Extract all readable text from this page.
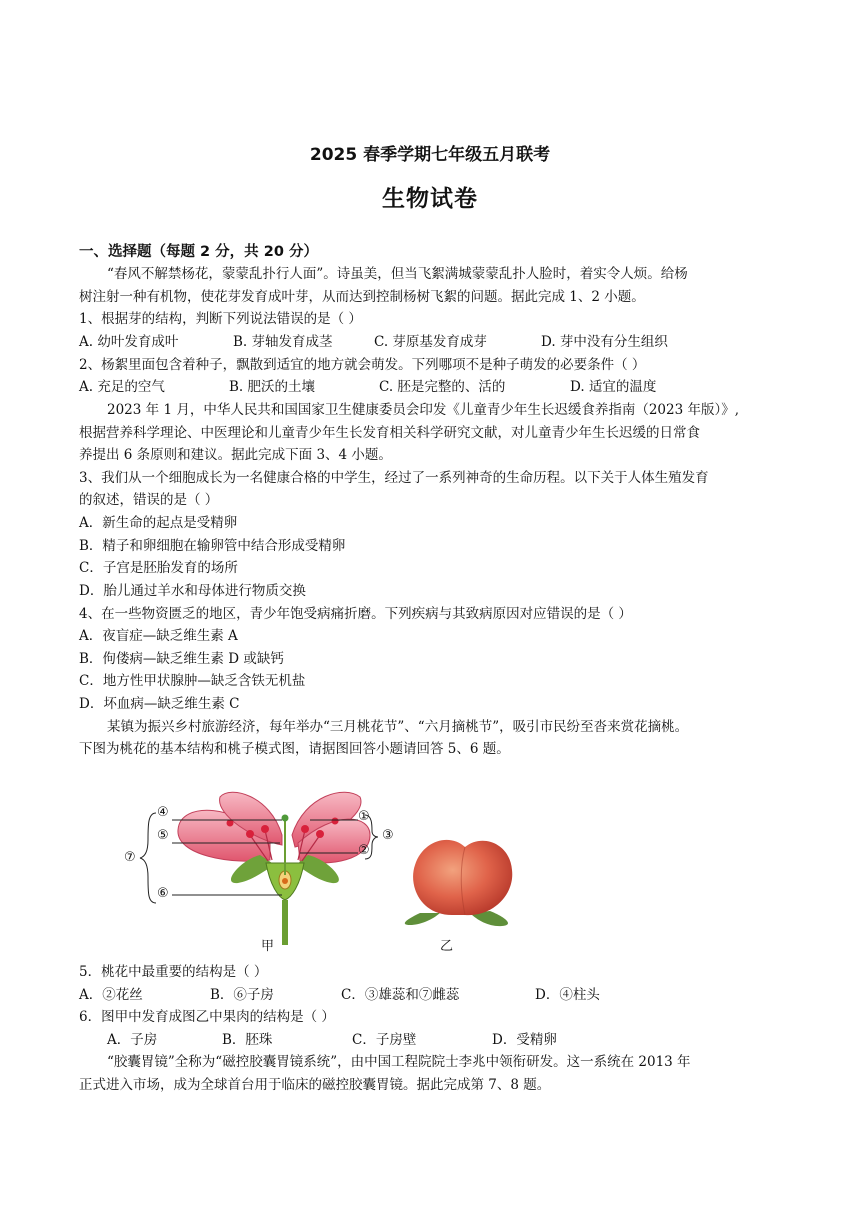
2025 春季学期七年级五月联考
生物试卷
一、选择题（每题 2 分，共 20 分）
“春风不解禁杨花，蒙蒙乱扑行人面”。诗虽美，但当飞絮满城蒙蒙乱扑人脸时，着实令人烦。给杨
树注射一种有机物，使花芽发育成叶芽，从而达到控制杨树飞絮的问题。据此完成 1、2 小题。
1、根据芽的结构，判断下列说法错误的是（ ）
A. 幼叶发育成叶	B. 芽轴发育成茎	C. 芽原基发育成芽	D. 芽中没有分生组织
2、杨絮里面包含着种子，飘散到适宜的地方就会萌发。下列哪项不是种子萌发的必要条件（ ）
A. 充足的空气	B. 肥沃的土壤	C. 胚是完整的、活的	D. 适宜的温度
2023 年 1 月，中华人民共和国国家卫生健康委员会印发《儿童青少年生长迟缓食养指南（2023 年版）》,
根据营养科学理论、中医理论和儿童青少年生长发育相关科学研究文献，对儿童青少年生长迟缓的日常食
养提出 6 条原则和建议。据此完成下面 3、4 小题。
3、我们从一个细胞成长为一名健康合格的中学生，经过了一系列神奇的生命历程。以下关于人体生殖发育
的叙述，错误的是（ ）
A．新生命的起点是受精卵
B．精子和卵细胞在输卵管中结合形成受精卵
C．子宫是胚胎发育的场所
D．胎儿通过羊水和母体进行物质交换
4、在一些物资匮乏的地区，青少年饱受病痛折磨。下列疾病与其致病原因对应错误的是（ ）
A．夜盲症—缺乏维生素 A
B．佝偻病—缺乏维生素 D 或缺钙
C．地方性甲状腺肿—缺乏含铁无机盐
D．坏血病—缺乏维生素 C
某镇为振兴乡村旅游经济，每年举办“三月桃花节”、“六月摘桃节”，吸引市民纷至沓来赏花摘桃。
下图为桃花的基本结构和桃子模式图，请据图回答小题请回答 5、6 题。
④
⑤
⑦
⑥
①
②
③
甲	乙
5．桃花中最重要的结构是（ ）
A．②花丝	B．⑥子房	C．③雄蕊和⑦雌蕊	D．④柱头
6．图甲中发育成图乙中果肉的结构是（ ）
A．子房	B．胚珠	C．子房壁	D．受精卵
“胶囊胃镜”全称为“磁控胶囊胃镜系统”，由中国工程院院士李兆中领衔研发。这一系统在 2013 年
正式进入市场，成为全球首台用于临床的磁控胶囊胃镜。据此完成第 7、8 题。
